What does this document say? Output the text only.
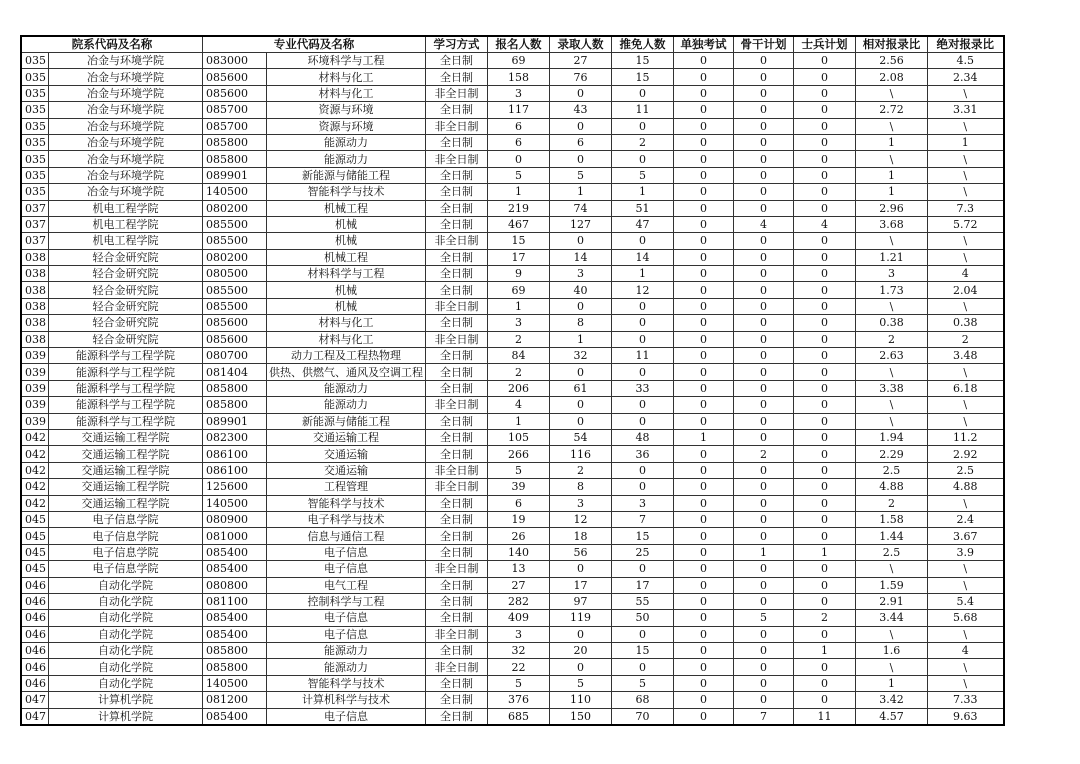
院系代码及名称		专业代码及名称		学习方式	报名人数	录取人数	推免人数	单独考试	骨干计划	士兵计划	相对报录比	绝对报录比
035	冶金与环境学院	083000	环境科学与工程	全日制	69	27	15	0	0	0	2.56	4.5
035	冶金与环境学院	085600	材料与化工	全日制	158	76	15	0	0	0	2.08	2.34
035	冶金与环境学院	085600	材料与化工	非全日制	3	0	0	0	0	0	\	\
035	冶金与环境学院	085700	资源与环境	全日制	117	43	11	0	0	0	2.72	3.31
035	冶金与环境学院	085700	资源与环境	非全日制	6	0	0	0	0	0	\	\
035	冶金与环境学院	085800	能源动力	全日制	6	6	2	0	0	0	1	1
035	冶金与环境学院	085800	能源动力	非全日制	0	0	0	0	0	0	\	\
035	冶金与环境学院	089901	新能源与储能工程	全日制	5	5	5	0	0	0	1	\
035	冶金与环境学院	140500	智能科学与技术	全日制	1	1	1	0	0	0	1	\
037	机电工程学院	080200	机械工程	全日制	219	74	51	0	0	0	2.96	7.3
037	机电工程学院	085500	机械	全日制	467	127	47	0	4	4	3.68	5.72
037	机电工程学院	085500	机械	非全日制	15	0	0	0	0	0	\	\
038	轻合金研究院	080200	机械工程	全日制	17	14	14	0	0	0	1.21	\
038	轻合金研究院	080500	材料科学与工程	全日制	9	3	1	0	0	0	3	4
038	轻合金研究院	085500	机械	全日制	69	40	12	0	0	0	1.73	2.04
038	轻合金研究院	085500	机械	非全日制	1	0	0	0	0	0	\	\
038	轻合金研究院	085600	材料与化工	全日制	3	8	0	0	0	0	0.38	0.38
038	轻合金研究院	085600	材料与化工	非全日制	2	1	0	0	0	0	2	2
039	能源科学与工程学院	080700	动力工程及工程热物理	全日制	84	32	11	0	0	0	2.63	3.48
039	能源科学与工程学院	081404	供热、供燃气、通风及空调工程	全日制	2	0	0	0	0	0	\	\
039	能源科学与工程学院	085800	能源动力	全日制	206	61	33	0	0	0	3.38	6.18
039	能源科学与工程学院	085800	能源动力	非全日制	4	0	0	0	0	0	\	\
039	能源科学与工程学院	089901	新能源与储能工程	全日制	1	0	0	0	0	0	\	\
042	交通运输工程学院	082300	交通运输工程	全日制	105	54	48	1	0	0	1.94	11.2
042	交通运输工程学院	086100	交通运输	全日制	266	116	36	0	2	0	2.29	2.92
042	交通运输工程学院	086100	交通运输	非全日制	5	2	0	0	0	0	2.5	2.5
042	交通运输工程学院	125600	工程管理	非全日制	39	8	0	0	0	0	4.88	4.88
042	交通运输工程学院	140500	智能科学与技术	全日制	6	3	3	0	0	0	2	\
045	电子信息学院	080900	电子科学与技术	全日制	19	12	7	0	0	0	1.58	2.4
045	电子信息学院	081000	信息与通信工程	全日制	26	18	15	0	0	0	1.44	3.67
045	电子信息学院	085400	电子信息	全日制	140	56	25	0	1	1	2.5	3.9
045	电子信息学院	085400	电子信息	非全日制	13	0	0	0	0	0	\	\
046	自动化学院	080800	电气工程	全日制	27	17	17	0	0	0	1.59	\
046	自动化学院	081100	控制科学与工程	全日制	282	97	55	0	0	0	2.91	5.4
046	自动化学院	085400	电子信息	全日制	409	119	50	0	5	2	3.44	5.68
046	自动化学院	085400	电子信息	非全日制	3	0	0	0	0	0	\	\
046	自动化学院	085800	能源动力	全日制	32	20	15	0	0	1	1.6	4
046	自动化学院	085800	能源动力	非全日制	22	0	0	0	0	0	\	\
046	自动化学院	140500	智能科学与技术	全日制	5	5	5	0	0	0	1	\
047	计算机学院	081200	计算机科学与技术	全日制	376	110	68	0	0	0	3.42	7.33
047	计算机学院	085400	电子信息	全日制	685	150	70	0	7	11	4.57	9.63
